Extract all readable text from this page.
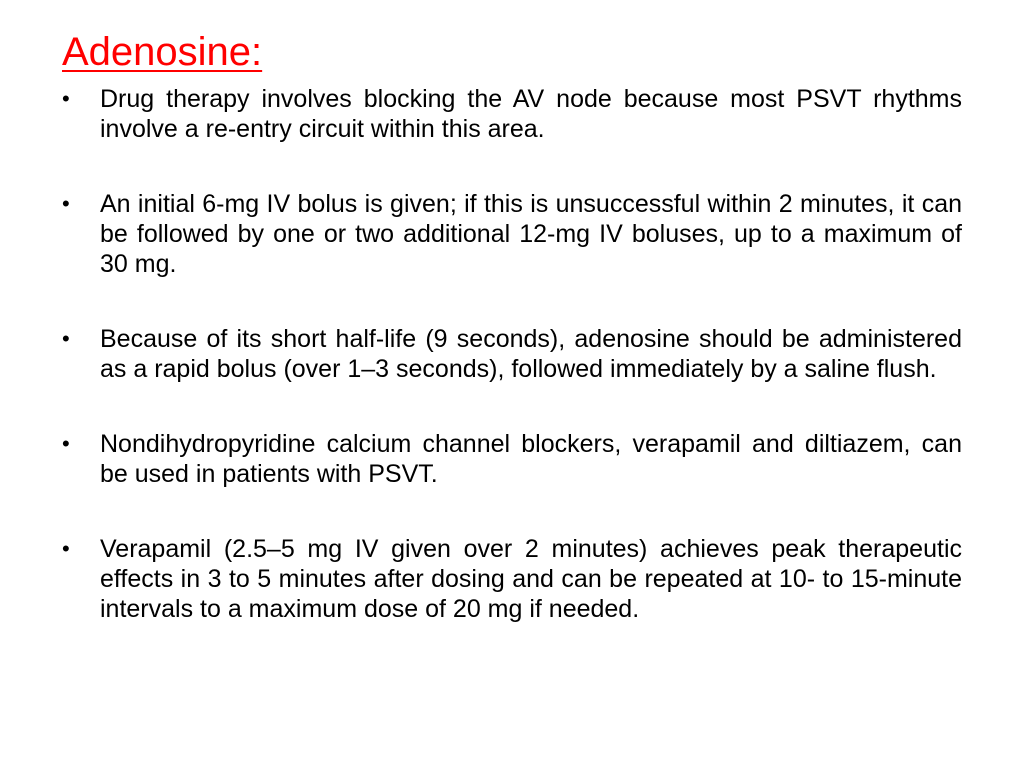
Adenosine:
•	Drug therapy involves blocking the AV node because most PSVT rhythms involve a re-entry circuit within this area.
•	An initial 6-mg IV bolus is given; if this is unsuccessful within 2 minutes, it can be followed by one or two additional 12-mg IV boluses, up to a maximum of 30 mg.
•	Because of its short half-life (9 seconds), adenosine should be administered as a rapid bolus (over 1–3 seconds), followed immediately by a saline flush.
•	Nondihydropyridine calcium channel blockers, verapamil and diltiazem, can be used in patients with PSVT.
•	Verapamil (2.5–5 mg IV given over 2 minutes) achieves peak therapeutic effects in 3 to 5 minutes after dosing and can be repeated at 10- to 15-minute intervals to a maximum dose of 20 mg if needed.
